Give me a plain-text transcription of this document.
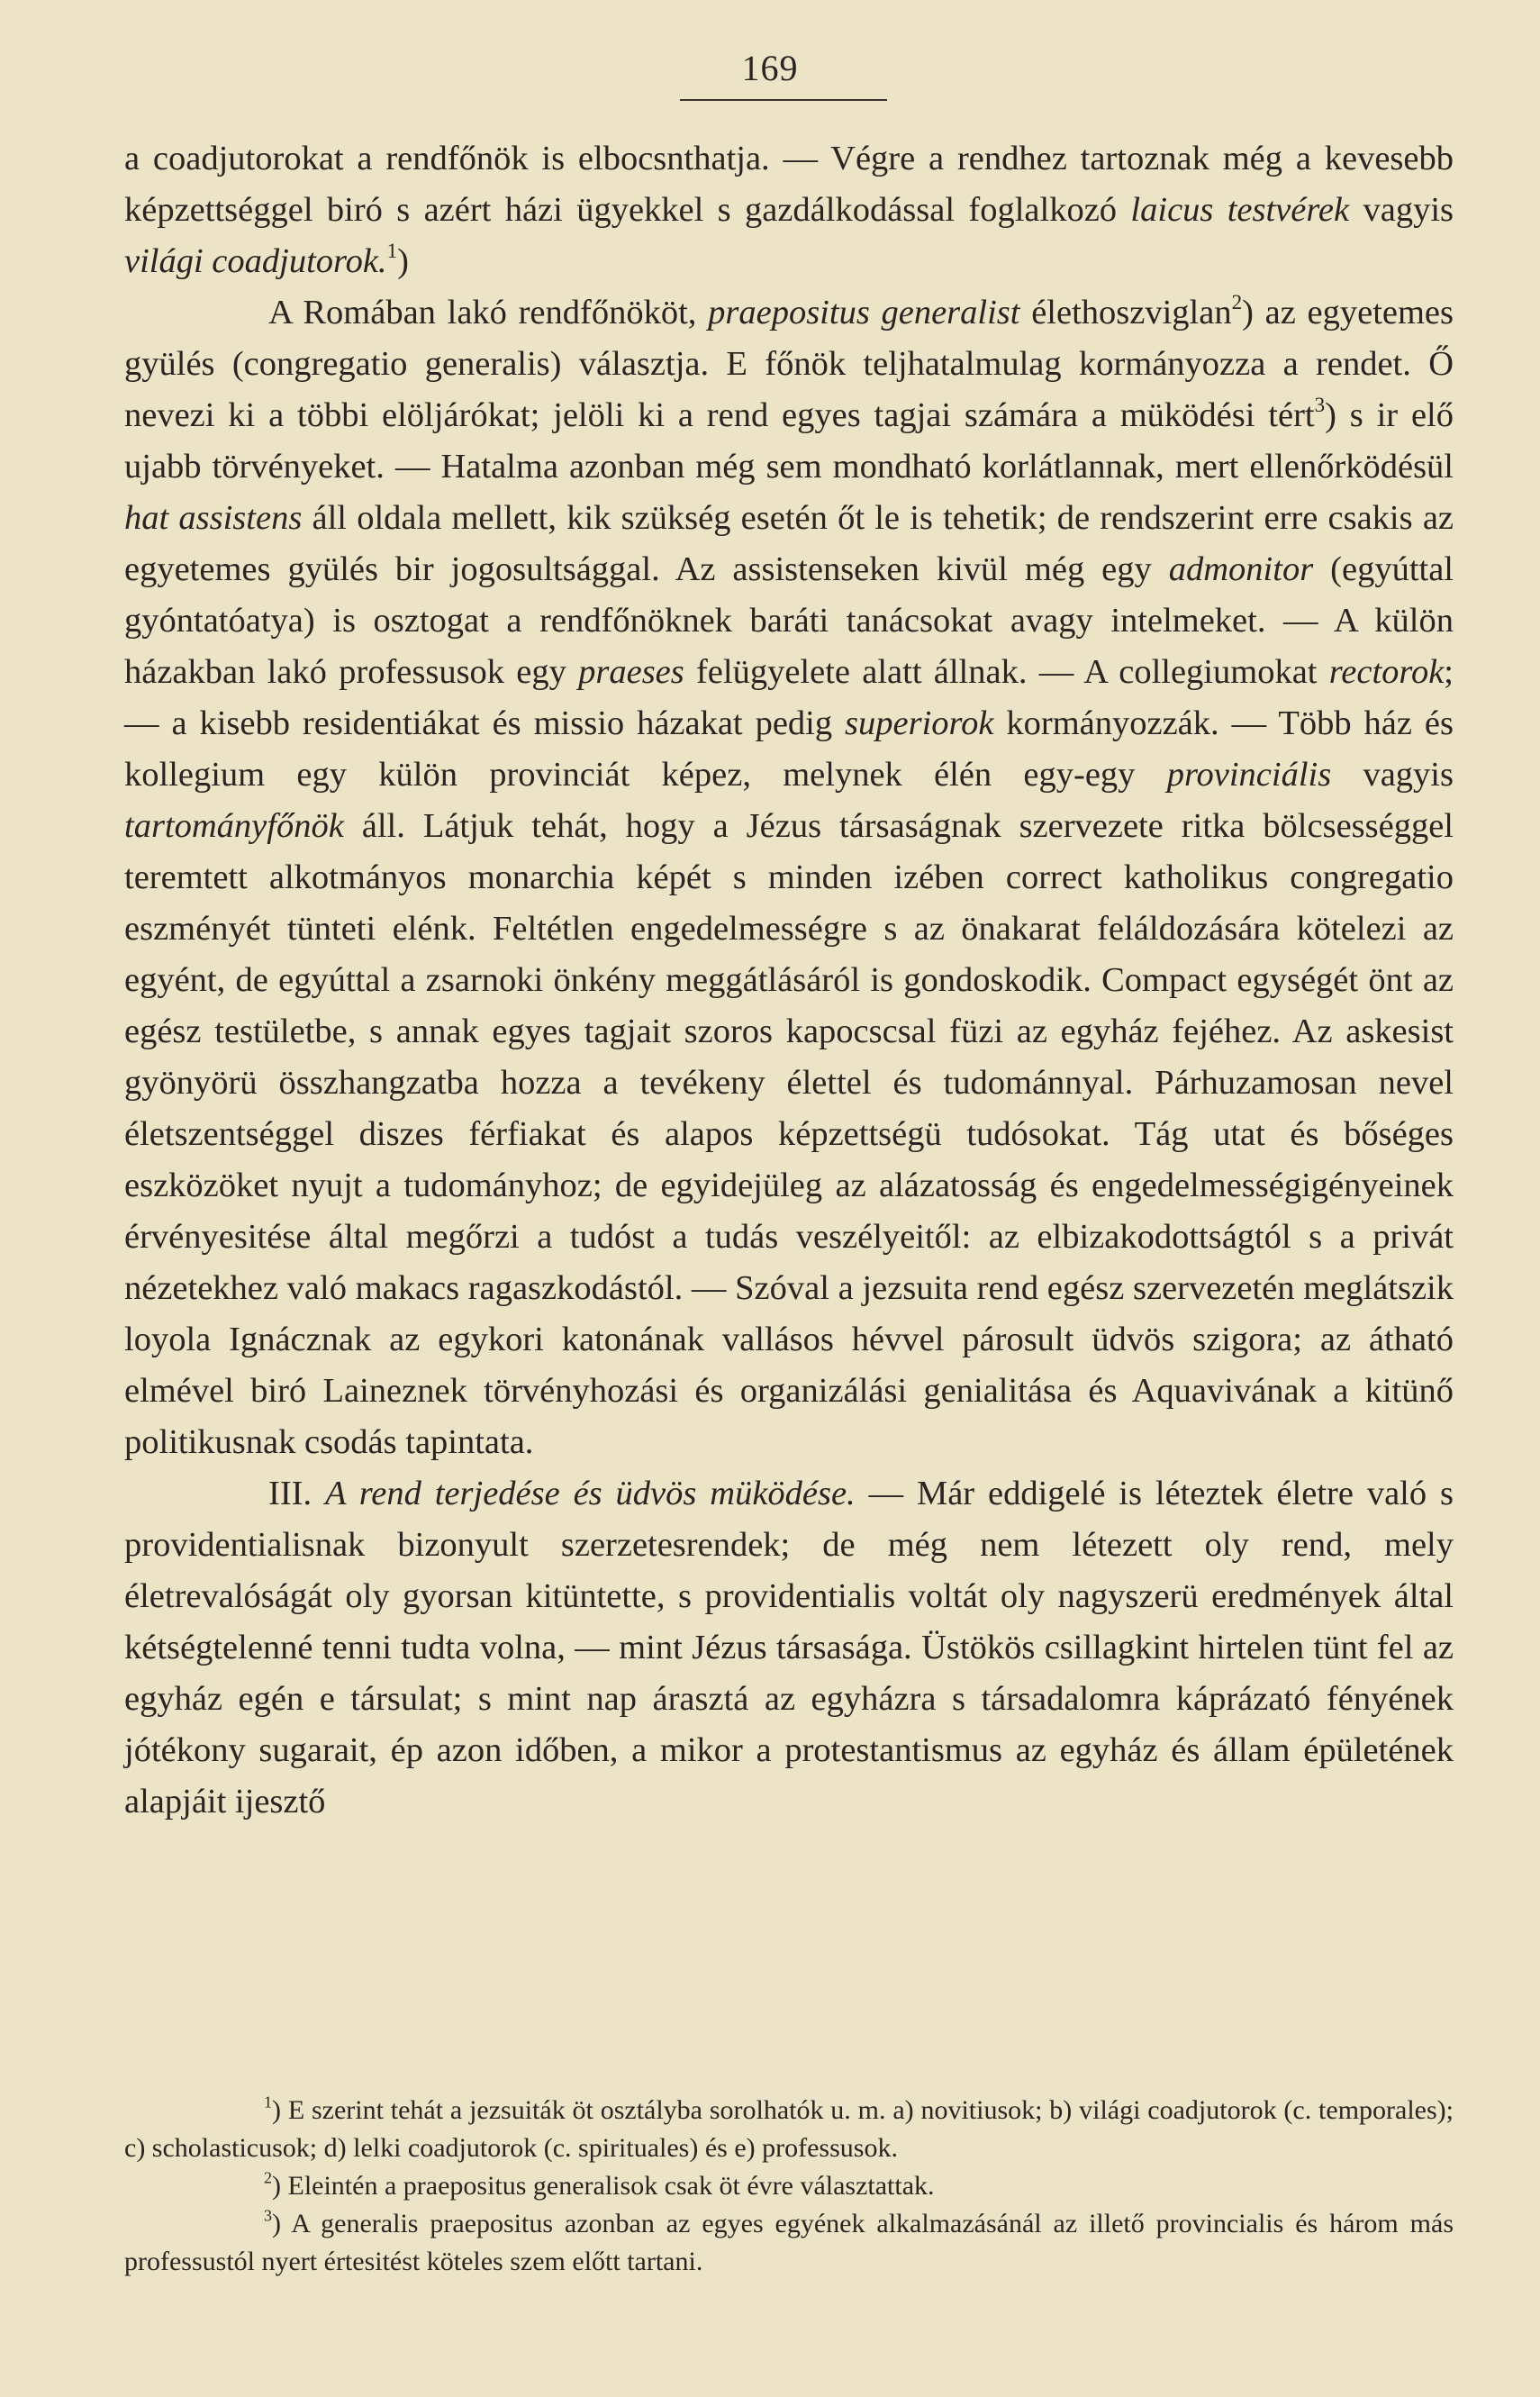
169

a coadjutorokat a rendfőnök is elbocsnthatja. — Végre a rendhez tartoznak még a kevesebb képzettséggel biró s azért házi ügyekkel s gazdálkodással foglalkozó laicus testvérek vagyis világi coadjutorok.$^1$)

A Romában lakó rendfőnököt, praepositus generalist élethoszviglan$^2$) az egyetemes gyülés (congregatio generalis) választja. E főnök teljhatalmulag kormányozza a rendet. Ő nevezi ki a többi elöljárókat; jelöli ki a rend egyes tagjai számára a müködési tért$^3$) s ir elő ujabb törvényeket. — Hatalma azonban még sem mondható korlátlannak, mert ellenőrködésül hat assistens áll oldala mellett, kik szükség esetén őt le is tehetik; de rendszerint erre csakis az egyetemes gyülés bir jogosultsággal. Az assistenseken kivül még egy admonitor (egyúttal gyóntatóatya) is osztogat a rendfőnöknek baráti tanácsokat avagy intelmeket. — A külön házakban lakó professusok egy praeses felügyelete alatt állnak. — A collegiumokat rectorok; — a kisebb residentiákat és missio házakat pedig superiorok kormányozzák. — Több ház és kollegium egy külön provinciát képez, melynek élén egy-egy provinciális vagyis tartományfőnök áll. Látjuk tehát, hogy a Jézus társaságnak szervezete ritka bölcsességgel teremtett alkotmányos monarchia képét s minden izében correct katholikus congregatio eszményét tünteti elénk. Feltétlen engedelmességre s az önakarat feláldozására kötelezi az egyént, de egyúttal a zsarnoki önkény meggátlásáról is gondoskodik. Compact egységét önt az egész testületbe, s annak egyes tagjait szoros kapocscsal füzi az egyház fejéhez. Az askesist gyönyörü összhangzatba hozza a tevékeny élettel és tudománnyal. Párhuzamosan nevel életszentséggel diszes férfiakat és alapos képzettségü tudósokat. Tág utat és bőséges eszközöket nyujt a tudományhoz; de egyidejüleg az alázatosság és engedelmességigényeinek érvényesitése által megőrzi a tudóst a tudás veszélyeitől: az elbizakodottságtól s a privát nézetekhez való makacs ragaszkodástól. — Szóval a jezsuita rend egész szervezetén meglátszik loyola Ignácznak az egykori katonának vallásos hévvel párosult üdvös szigora; az átható elmével biró Laineznek törvényhozási és organizálási genialitása és Aquavivának a kitünő politikusnak csodás tapintata.

III. A rend terjedése és üdvös müködése. — Már eddigelé is léteztek életre való s providentialisnak bizonyult szerzetesrendek; de még nem létezett oly rend, mely életrevalóságát oly gyorsan kitüntette, s providentialis voltát oly nagyszerü eredmények által kétségtelenné tenni tudta volna, — mint Jézus társasága. Üstökös csillagkint hirtelen tünt fel az egyház egén e társulat; s mint nap árasztá az egyházra s társadalomra káprázató fényének jótékony sugarait, ép azon időben, a mikor a protestantismus az egyház és állam épületének alapjáit ijesztő

$^1$) E szerint tehát a jezsuiták öt osztályba sorolhatók u. m. a) novitiusok; b) világi coadjutorok (c. temporales); c) scholasticusok; d) lelki coadjutorok (c. spirituales) és e) professusok.

$^2$) Eleintén a praepositus generalisok csak öt évre választattak.

$^3$) A generalis praepositus azonban az egyes egyének alkalmazásánál az illető provincialis és három más professustól nyert értesitést köteles szem előtt tartani.
